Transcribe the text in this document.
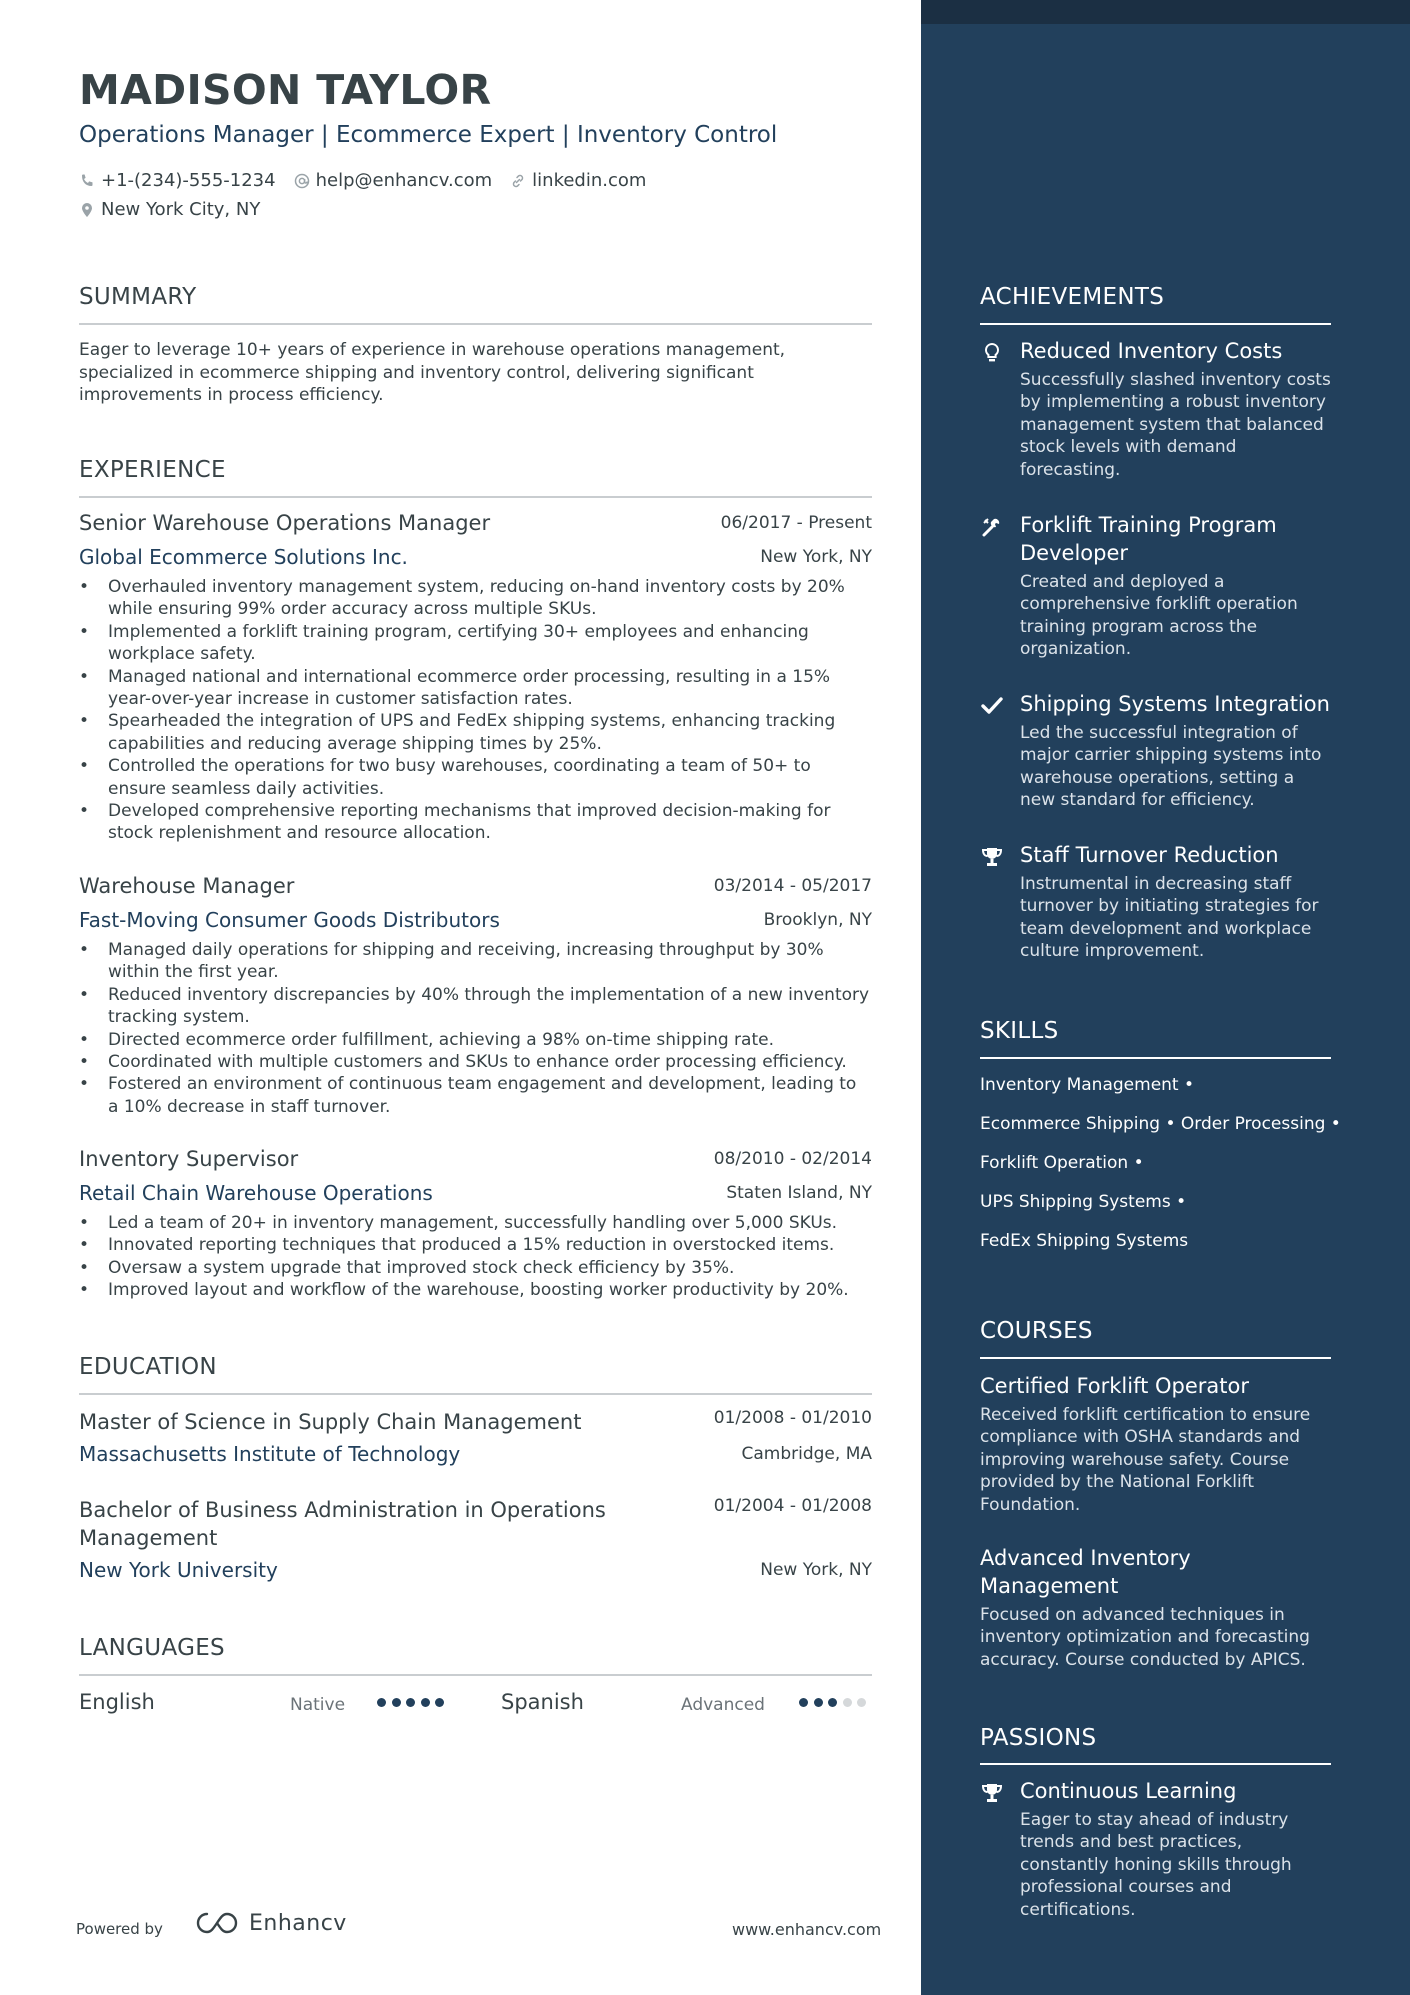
MADISON TAYLOR
Operations Manager | Ecommerce Expert | Inventory Control
+1-(234)-555-1234 help@enhancv.com linkedin.com
New York City, NY
SUMMARY
Eager to leverage 10+ years of experience in warehouse operations management, specialized in ecommerce shipping and inventory control, delivering significant improvements in process efficiency.
EXPERIENCE
Senior Warehouse Operations Manager	06/2017 - Present
Global Ecommerce Solutions Inc.	New York, NY
• Overhauled inventory management system, reducing on-hand inventory costs by 20% while ensuring 99% order accuracy across multiple SKUs.
• Implemented a forklift training program, certifying 30+ employees and enhancing workplace safety.
• Managed national and international ecommerce order processing, resulting in a 15% year-over-year increase in customer satisfaction rates.
• Spearheaded the integration of UPS and FedEx shipping systems, enhancing tracking capabilities and reducing average shipping times by 25%.
• Controlled the operations for two busy warehouses, coordinating a team of 50+ to ensure seamless daily activities.
• Developed comprehensive reporting mechanisms that improved decision-making for stock replenishment and resource allocation.
Warehouse Manager	03/2014 - 05/2017
Fast-Moving Consumer Goods Distributors	Brooklyn, NY
• Managed daily operations for shipping and receiving, increasing throughput by 30% within the first year.
• Reduced inventory discrepancies by 40% through the implementation of a new inventory tracking system.
• Directed ecommerce order fulfillment, achieving a 98% on-time shipping rate.
• Coordinated with multiple customers and SKUs to enhance order processing efficiency.
• Fostered an environment of continuous team engagement and development, leading to a 10% decrease in staff turnover.
Inventory Supervisor	08/2010 - 02/2014
Retail Chain Warehouse Operations	Staten Island, NY
• Led a team of 20+ in inventory management, successfully handling over 5,000 SKUs.
• Innovated reporting techniques that produced a 15% reduction in overstocked items.
• Oversaw a system upgrade that improved stock check efficiency by 35%.
• Improved layout and workflow of the warehouse, boosting worker productivity by 20%.
EDUCATION
Master of Science in Supply Chain Management	01/2008 - 01/2010
Massachusetts Institute of Technology	Cambridge, MA
Bachelor of Business Administration in Operations Management
01/2004 - 01/2008
New York University	New York, NY
LANGUAGES
English	Native	Spanish	Advanced
Powered by	Enhancv	www.enhancv.com
ACHIEVEMENTS
Reduced Inventory Costs
Successfully slashed inventory costs by implementing a robust inventory management system that balanced stock levels with demand forecasting.
Forklift Training Program Developer
Created and deployed a comprehensive forklift operation training program across the organization.
Shipping Systems Integration
Led the successful integration of major carrier shipping systems into warehouse operations, setting a new standard for efficiency.
Staff Turnover Reduction
Instrumental in decreasing staff turnover by initiating strategies for team development and workplace culture improvement.
SKILLS
Inventory Management •
Ecommerce Shipping • Order Processing •
Forklift Operation •
UPS Shipping Systems •
FedEx Shipping Systems
COURSES
Certified Forklift Operator
Received forklift certification to ensure compliance with OSHA standards and improving warehouse safety. Course provided by the National Forklift Foundation.
Advanced Inventory Management
Focused on advanced techniques in inventory optimization and forecasting accuracy. Course conducted by APICS.
PASSIONS
Continuous Learning
Eager to stay ahead of industry trends and best practices, constantly honing skills through professional courses and certifications.
